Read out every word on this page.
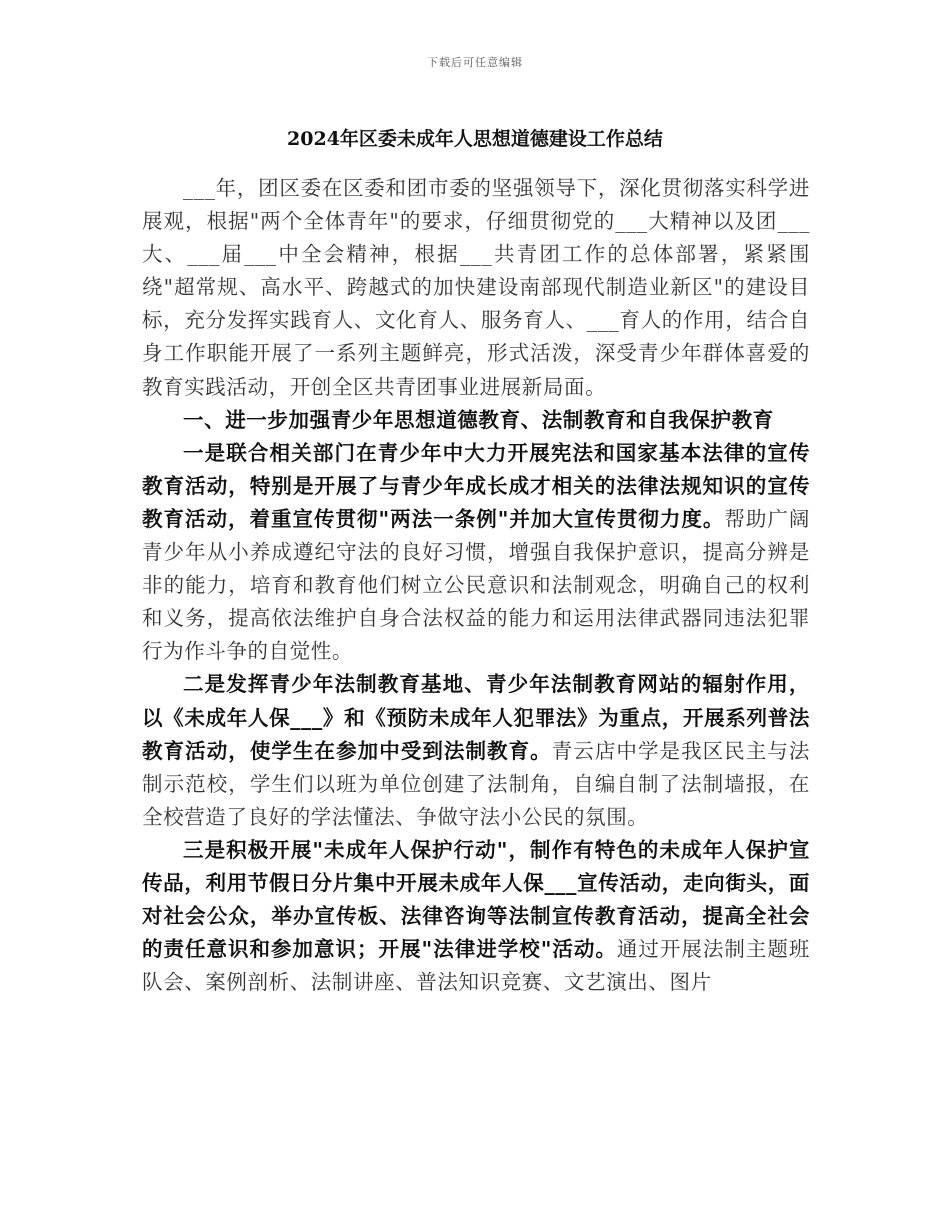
下载后可任意编辑
2024年区委未成年人思想道德建设工作总结

___年，团区委在区委和团市委的坚强领导下，深化贯彻落实科学进展观，根据"两个全体青年"的要求，仔细贯彻党的___大精神以及团___大、___届___中全会精神，根据___共青团工作的总体部署，紧紧围绕"超常规、高水平、跨越式的加快建设南部现代制造业新区"的建设目标，充分发挥实践育人、文化育人、服务育人、___育人的作用，结合自身工作职能开展了一系列主题鲜亮，形式活泼，深受青少年群体喜爱的教育实践活动，开创全区共青团事业进展新局面。

一、进一步加强青少年思想道德教育、法制教育和自我保护教育

一是联合相关部门在青少年中大力开展宪法和国家基本法律的宣传教育活动，特别是开展了与青少年成长成才相关的法律法规知识的宣传教育活动，着重宣传贯彻"两法一条例"并加大宣传贯彻力度。帮助广阔青少年从小养成遵纪守法的良好习惯，增强自我保护意识，提高分辨是非的能力，培育和教育他们树立公民意识和法制观念，明确自己的权利和义务，提高依法维护自身合法权益的能力和运用法律武器同违法犯罪行为作斗争的自觉性。

二是发挥青少年法制教育基地、青少年法制教育网站的辐射作用，以《未成年人保___》和《预防未成年人犯罪法》为重点，开展系列普法教育活动，使学生在参加中受到法制教育。青云店中学是我区民主与法制示范校，学生们以班为单位创建了法制角，自编自制了法制墙报，在全校营造了良好的学法懂法、争做守法小公民的氛围。

三是积极开展"未成年人保护行动"，制作有特色的未成年人保护宣传品，利用节假日分片集中开展未成年人保___宣传活动，走向街头，面对社会公众，举办宣传板、法律咨询等法制宣传教育活动，提高全社会的责任意识和参加意识；开展"法律进学校"活动。通过开展法制主题班队会、案例剖析、法制讲座、普法知识竞赛、文艺演出、图片
